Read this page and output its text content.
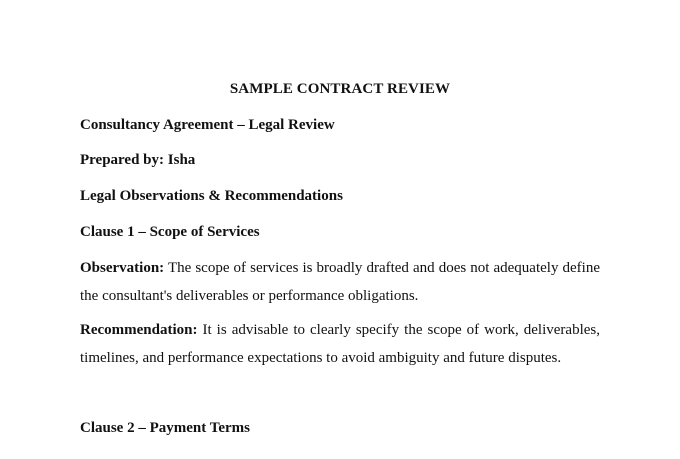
SAMPLE CONTRACT REVIEW
Consultancy Agreement – Legal Review
Prepared by: Isha
Legal Observations & Recommendations
Clause 1 – Scope of Services
Observation: The scope of services is broadly drafted and does not adequately define the consultant's deliverables or performance obligations.
Recommendation: It is advisable to clearly specify the scope of work, deliverables, timelines, and performance expectations to avoid ambiguity and future disputes.
Clause 2 – Payment Terms
